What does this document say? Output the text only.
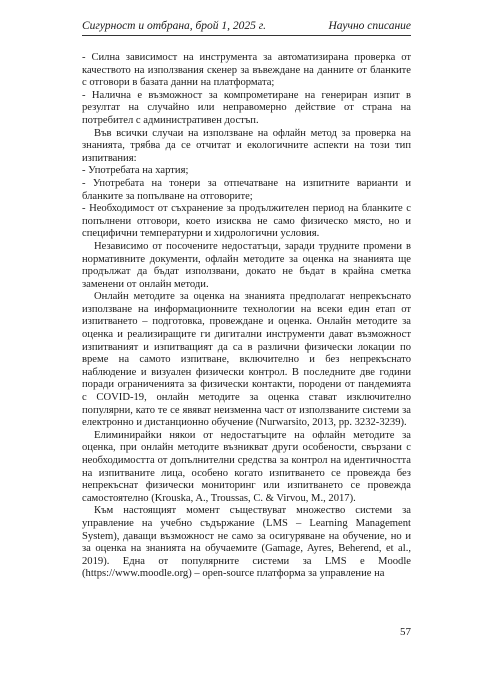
Сигурност и отбрана, брой 1, 2025 г.	Научно списание

- Силна зависимост на инструмента за автоматизирана проверка от качеството на използвания скенер за въвеждане на данните от бланките с отговори в базата данни на платформата;

- Налична е възможност за компрометиране на генериран изпит в резултат на случайно или неправомерно действие от страна на потребител с административен достъп.

Във всички случаи на използване на офлайн метод за проверка на знанията, трябва да се отчитат и екологичните аспекти на този тип изпитвания:

- Употребата на хартия;

- Употребата на тонери за отпечатване на изпитните варианти и бланките за попълване на отговорите;

- Необходимост от съхранение за продължителен период на бланките с попълнени отговори, което изисква не само физическо място, но и специфични температурни и хидрологични условия.

Независимо от посочените недостатъци, заради трудните промени в нормативните документи, офлайн методите за оценка на знанията ще продължат да бъдат използвани, докато не бъдат в крайна сметка заменени от онлайн методи.

Онлайн методите за оценка на знанията предполагат непрекъснато използване на информационните технологии на всеки един етап от изпитването – подготовка, провеждане и оценка. Онлайн методите за оценка и реализиращите ги дигитални инструменти дават възможност изпитваният и изпитващият да са в различни физически локации по време на самото изпитване, включително и без непрекъснато наблюдение и визуален физически контрол. В последните две години поради ограниченията за физически контакти, породени от пандемията с COVID-19, онлайн методите за оценка стават изключително популярни, като те се явяват неизменна част от използваните системи за електронно и дистанционно обучение (Nurwarsito, 2013, pp. 3232-3239).

Елиминирайки някои от недостатъците на офлайн методите за оценка, при онлайн методите възникват други особености, свързани с необходимостта от допълнителни средства за контрол на идентичността на изпитваните лица, особено когато изпитването се провежда без непрекъснат физически мониторинг или изпитването се провежда самостоятелно (Krouska, A., Troussas, C. & Virvou, M., 2017).

Към настоящият момент съществуват множество системи за управление на учебно съдържание (LMS – Learning Management System), даващи възможност не само за осигуряване на обучение, но и за оценка на знанията на обучаемите (Gamage, Ayres, Beherend, et al., 2019). Една от популярните системи за LMS е Moodle (https://www.moodle.org) – open-source платформа за управление на

57
